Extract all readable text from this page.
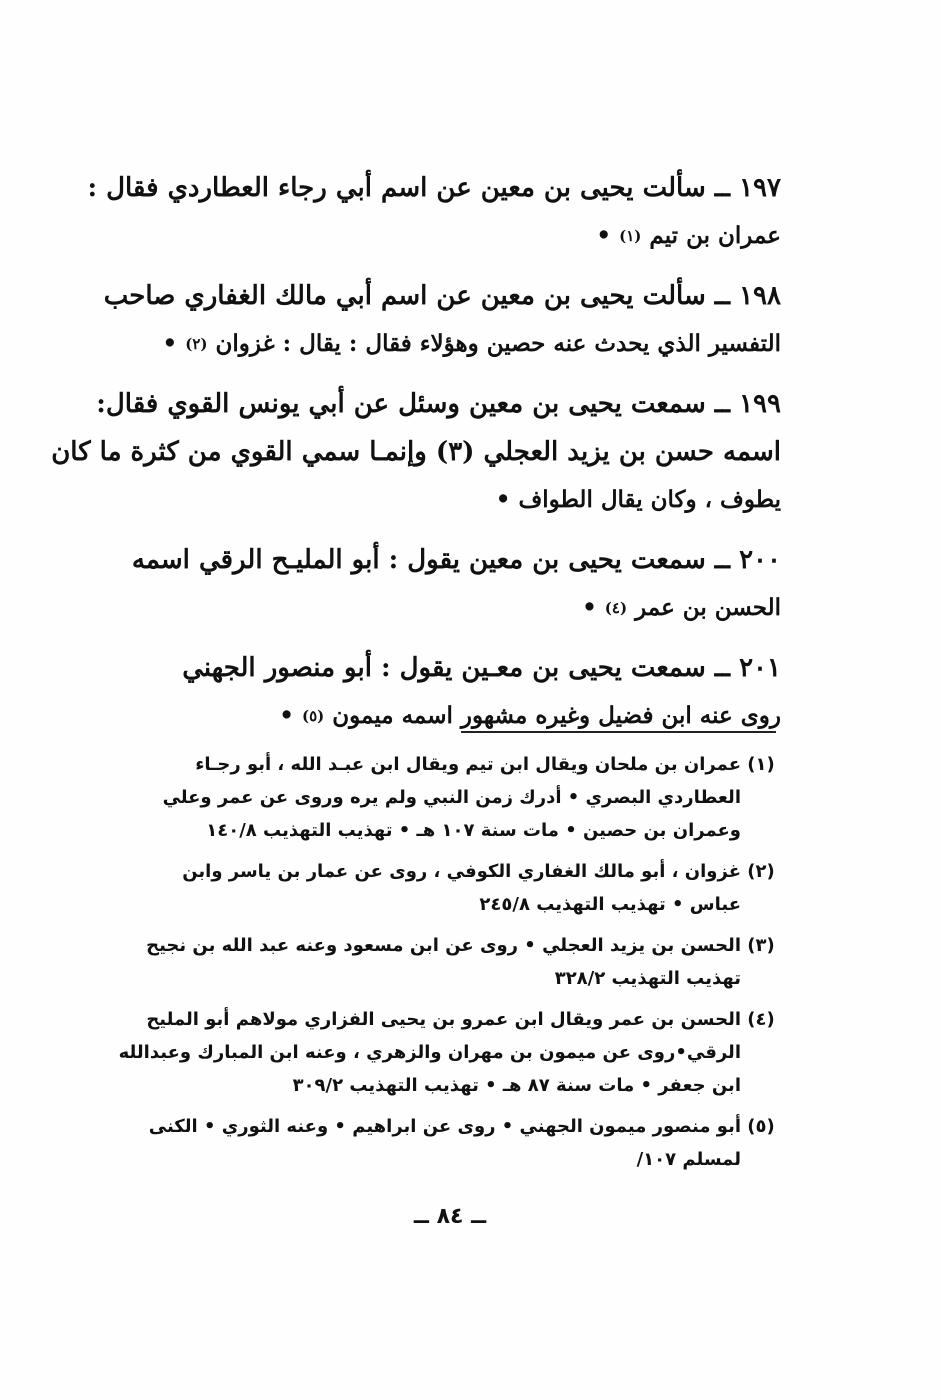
١٩٧ ــ سألت يحيى بن معين عن اسم أبي رجاء العطاردي فقال :
عمران بن تيم (١) •
١٩٨ ــ سألت يحيى بن معين عن اسم أبي مالك الغفاري صاحب
التفسير الذي يحدث عنه حصين وهؤلاء فقال : يقال : غزوان (٢) •
١٩٩ ــ سمعت يحيى بن معين وسئل عن أبي يونس القوي فقال:
اسمه حسن بن يزيد العجلي (٣) وإنمـا سمي القوي من كثرة ما كان
يطوف ، وكان يقال الطواف •
٢٠٠ ــ سمعت يحيى بن معين يقول : أبو المليـح الرقي اسمه
الحسن بن عمر (٤) •
٢٠١ ــ سمعت يحيى بن معـين يقول : أبو منصور الجهني
روى عنه ابن فضيل وغيره مشهور اسمه ميمون (٥) •
(١)
عمران بن ملحان ويقال ابن تيم ويقال ابن عبـد الله ، أبو رجـاء
العطاردي البصري • أدرك زمن النبي ولم يره وروى عن عمر وعلي
وعمران بن حصين • مات سنة ١٠٧ هـ • تهذيب التهذيب ١٤٠/٨
(٢)
غزوان ، أبو مالك الغفاري الكوفي ، روى عن عمار بن ياسر وابن
عباس • تهذيب التهذيب ٢٤٥/٨
(٣)
الحسن بن يزيد العجلي • روى عن ابن مسعود وعنه عبد الله بن نجيح
تهذيب التهذيب ٣٢٨/٢
(٤)
الحسن بن عمر ويقال ابن عمرو بن يحيى الفزاري مولاهم أبو المليح
الرقي•روى عن ميمون بن مهران والزهري ، وعنه ابن المبارك وعبدالله
ابن جعفر • مات سنة ٨٧ هـ • تهذيب التهذيب ٣٠٩/٢
(٥)
أبو منصور ميمون الجهني • روى عن ابراهيم • وعنه الثوري • الكنى
لمسلم ١٠٧/
ــ ٨٤ ــ
